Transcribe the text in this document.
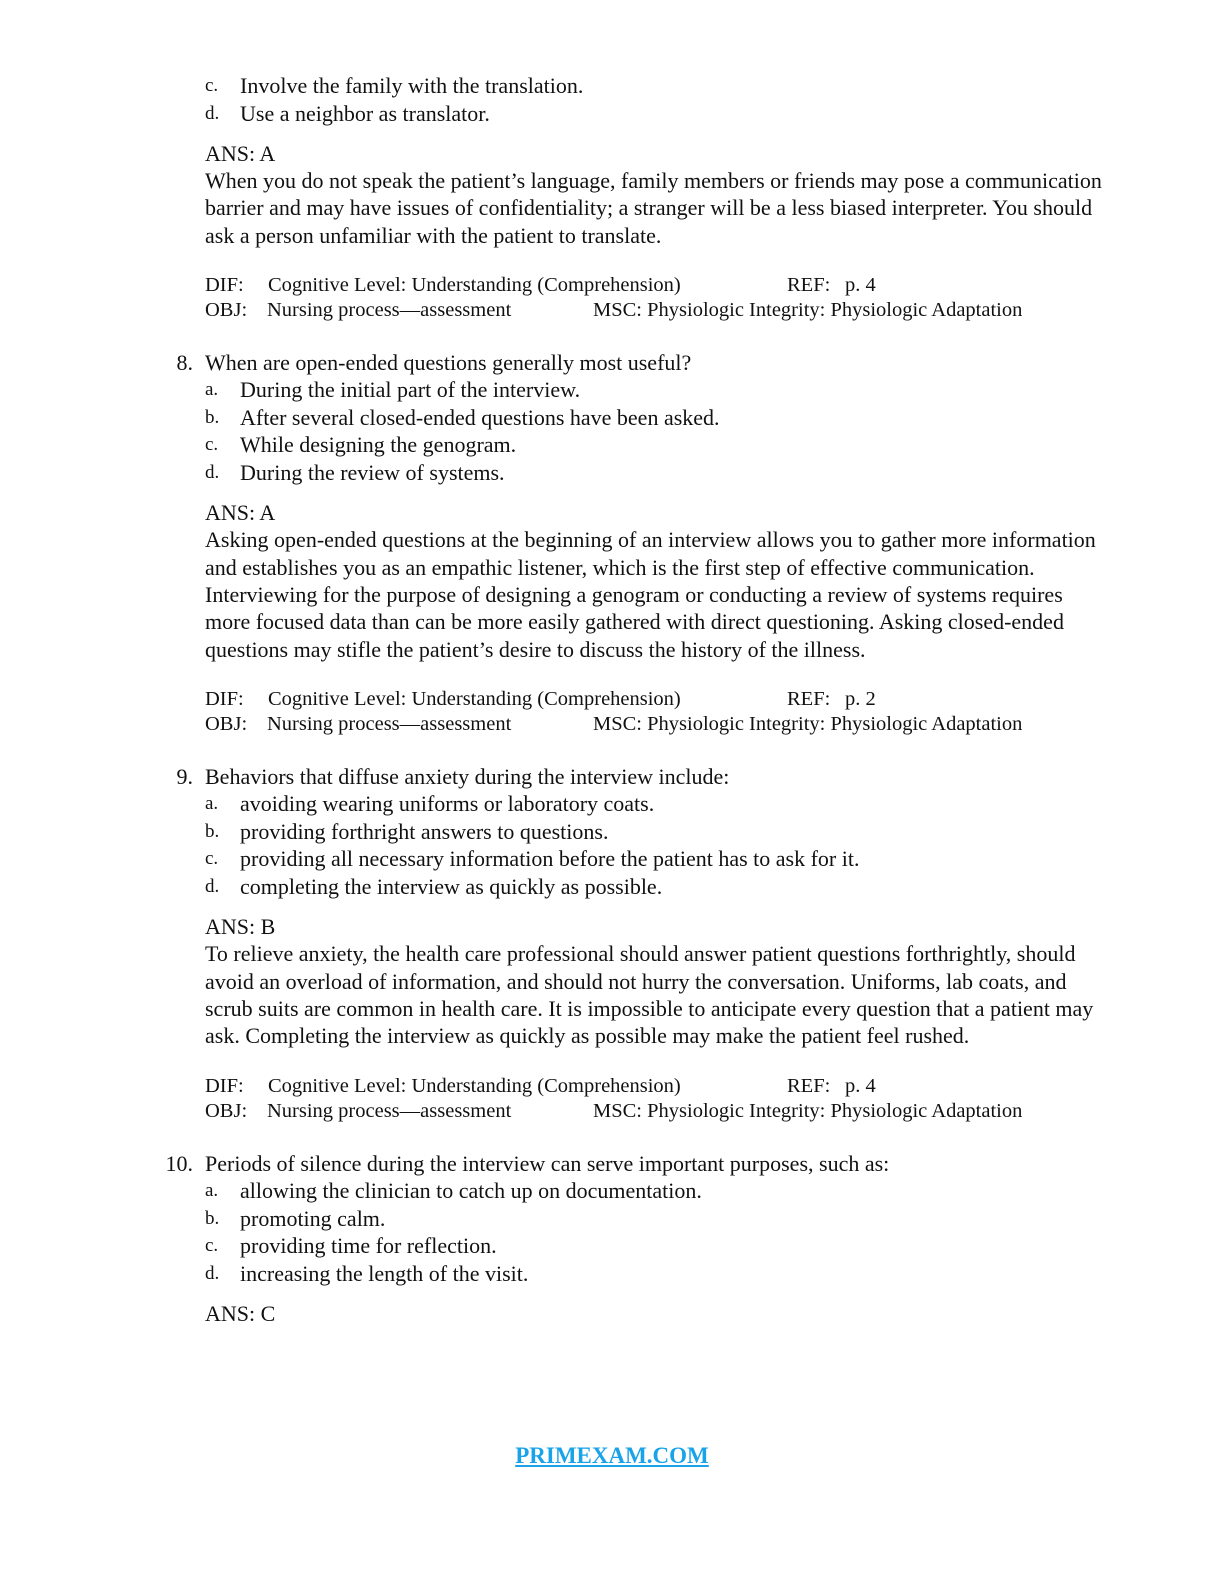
c. Involve the family with the translation.
d. Use a neighbor as translator.
ANS: A
When you do not speak the patient’s language, family members or friends may pose a communication barrier and may have issues of confidentiality; a stranger will be a less biased interpreter. You should ask a person unfamiliar with the patient to translate.
DIF: Cognitive Level: Understanding (Comprehension)	REF: p. 4
OBJ: Nursing process—assessment	MSC: Physiologic Integrity: Physiologic Adaptation
8. When are open-ended questions generally most useful?
a. During the initial part of the interview.
b. After several closed-ended questions have been asked.
c. While designing the genogram.
d. During the review of systems.
ANS: A
Asking open-ended questions at the beginning of an interview allows you to gather more information and establishes you as an empathic listener, which is the first step of effective communication. Interviewing for the purpose of designing a genogram or conducting a review of systems requires more focused data than can be more easily gathered with direct questioning. Asking closed-ended questions may stifle the patient’s desire to discuss the history of the illness.
DIF: Cognitive Level: Understanding (Comprehension)	REF: p. 2
OBJ: Nursing process—assessment	MSC: Physiologic Integrity: Physiologic Adaptation
9. Behaviors that diffuse anxiety during the interview include:
a. avoiding wearing uniforms or laboratory coats.
b. providing forthright answers to questions.
c. providing all necessary information before the patient has to ask for it.
d. completing the interview as quickly as possible.
ANS: B
To relieve anxiety, the health care professional should answer patient questions forthrightly, should avoid an overload of information, and should not hurry the conversation. Uniforms, lab coats, and scrub suits are common in health care. It is impossible to anticipate every question that a patient may ask. Completing the interview as quickly as possible may make the patient feel rushed.
DIF: Cognitive Level: Understanding (Comprehension)	REF: p. 4
OBJ: Nursing process—assessment	MSC: Physiologic Integrity: Physiologic Adaptation
10. Periods of silence during the interview can serve important purposes, such as:
a. allowing the clinician to catch up on documentation.
b. promoting calm.
c. providing time for reflection.
d. increasing the length of the visit.
ANS: C
PRIMEXAM.COM
